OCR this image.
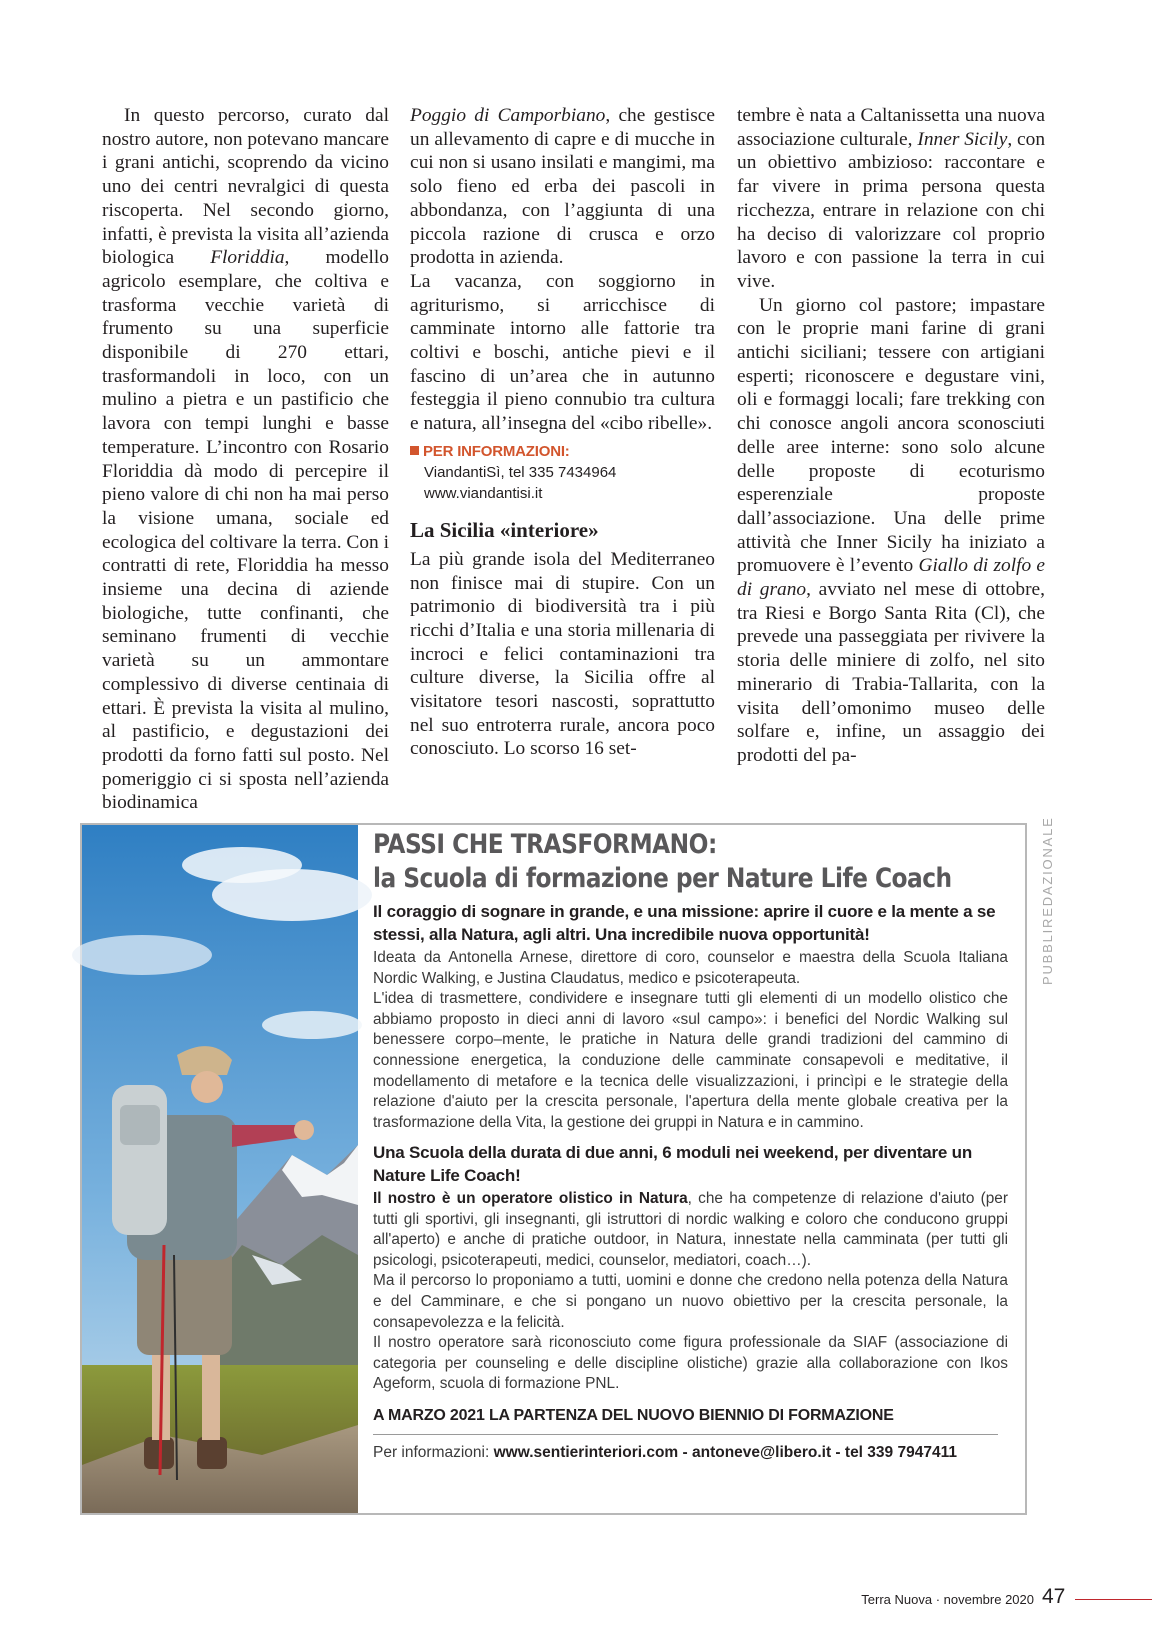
In questo percorso, curato dal nostro autore, non potevano mancare i grani antichi, scoprendo da vicino uno dei centri nevralgici di questa riscoperta. Nel secondo giorno, infatti, è prevista la visita all’azienda biologica Floriddia, modello agricolo esemplare, che coltiva e trasforma vecchie varietà di frumento su una superficie disponibile di 270 ettari, trasformandoli in loco, con un mulino a pietra e un pastificio che lavora con tempi lunghi e basse temperature. L’incontro con Rosario Floriddia dà modo di percepire il pieno valore di chi non ha mai perso la visione umana, sociale ed ecologica del coltivare la terra. Con i contratti di rete, Floriddia ha messo insieme una decina di aziende biologiche, tutte confinanti, che seminano frumenti di vecchie varietà su un ammontare complessivo di diverse centinaia di ettari. È prevista la visita al mulino, al pastificio, e degustazioni dei prodotti da forno fatti sul posto. Nel pomeriggio ci si sposta nell’azienda biodinamica

Poggio di Camporbiano, che gestisce un allevamento di capre e di mucche in cui non si usano insilati e mangimi, ma solo fieno ed erba dei pascoli in abbondanza, con l’aggiunta di una piccola razione di crusca e orzo prodotta in azienda.

La vacanza, con soggiorno in agriturismo, si arricchisce di camminate intorno alle fattorie tra coltivi e boschi, antiche pievi e il fascino di un’area che in autunno festeggia il pieno connubio tra cultura e natura, all’insegna del «cibo ribelle».

PER INFORMAZIONI:
ViandantiSì, tel 335 7434964
www.viandantisi.it
La Sicilia «interiore»

La più grande isola del Mediterraneo non finisce mai di stupire. Con un patrimonio di biodiversità tra i più ricchi d’Italia e una storia millenaria di incroci e felici contaminazioni tra culture diverse, la Sicilia offre al visitatore tesori nascosti, soprattutto nel suo entroterra rurale, ancora poco conosciuto. Lo scorso 16 set-

tembre è nata a Caltanissetta una nuova associazione culturale, Inner Sicily, con un obiettivo ambizioso: raccontare e far vivere in prima persona questa ricchezza, entrare in relazione con chi ha deciso di valorizzare col proprio lavoro e con passione la terra in cui vive.

Un giorno col pastore; impastare con le proprie mani farine di grani antichi siciliani; tessere con artigiani esperti; riconoscere e degustare vini, oli e formaggi locali; fare trekking con chi conosce angoli ancora sconosciuti delle aree interne: sono solo alcune delle proposte di ecoturismo esperenziale proposte dall’associazione. Una delle prime attività che Inner Sicily ha iniziato a promuovere è l’evento Giallo di zolfo e di grano, avviato nel mese di ottobre, tra Riesi e Borgo Santa Rita (Cl), che prevede una passeggiata per rivivere la storia delle miniere di zolfo, nel sito minerario di Trabia-Tallarita, con la visita dell’omonimo museo delle solfare e, infine, un assaggio dei prodotti del pa-

PASSI CHE TRASFORMANO:
la Scuola di formazione per Nature Life Coach
Il coraggio di sognare in grande, e una missione: aprire il cuore e la mente a se stessi, alla Natura, agli altri. Una incredibile nuova opportunità!

Ideata da Antonella Arnese, direttore di coro, counselor e maestra della Scuola Italiana Nordic Walking, e Justina Claudatus, medico e psicoterapeuta.

L'idea di trasmettere, condividere e insegnare tutti gli elementi di un modello olistico che abbiamo proposto in dieci anni di lavoro «sul campo»: i benefici del Nordic Walking sul benessere corpo–mente, le pratiche in Natura delle grandi tradizioni del cammino di connessione energetica, la conduzione delle camminate consapevoli e meditative, il modellamento di metafore e la tecnica delle visualizzazioni, i princìpi e le strategie della relazione d'aiuto per la crescita personale, l'apertura della mente globale creativa per la trasformazione della Vita, la gestione dei gruppi in Natura e in cammino.

Una Scuola della durata di due anni, 6 moduli nei weekend, per diventare un Nature Life Coach!

Il nostro è un operatore olistico in Natura, che ha competenze di relazione d'aiuto (per tutti gli sportivi, gli insegnanti, gli istruttori di nordic walking e coloro che conducono gruppi all'aperto) e anche di pratiche outdoor, in Natura, innestate nella camminata (per tutti gli psicologi, psicoterapeuti, medici, counselor, mediatori, coach…).

Ma il percorso lo proponiamo a tutti, uomini e donne che credono nella potenza della Natura e del Camminare, e che si pongano un nuovo obiettivo per la crescita personale, la consapevolezza e la felicità.

Il nostro operatore sarà riconosciuto come figura professionale da SIAF (associazione di categoria per counseling e delle discipline olistiche) grazie alla collaborazione con Ikos Ageform, scuola di formazione PNL.

A MARZO 2021 LA PARTENZA DEL NUOVO BIENNIO DI FORMAZIONE
Per informazioni: www.sentierinteriori.com - antoneve@libero.it - tel 339 7947411
PUBBLIREDAZIONALE
Terra Nuova · novembre 2020 47
